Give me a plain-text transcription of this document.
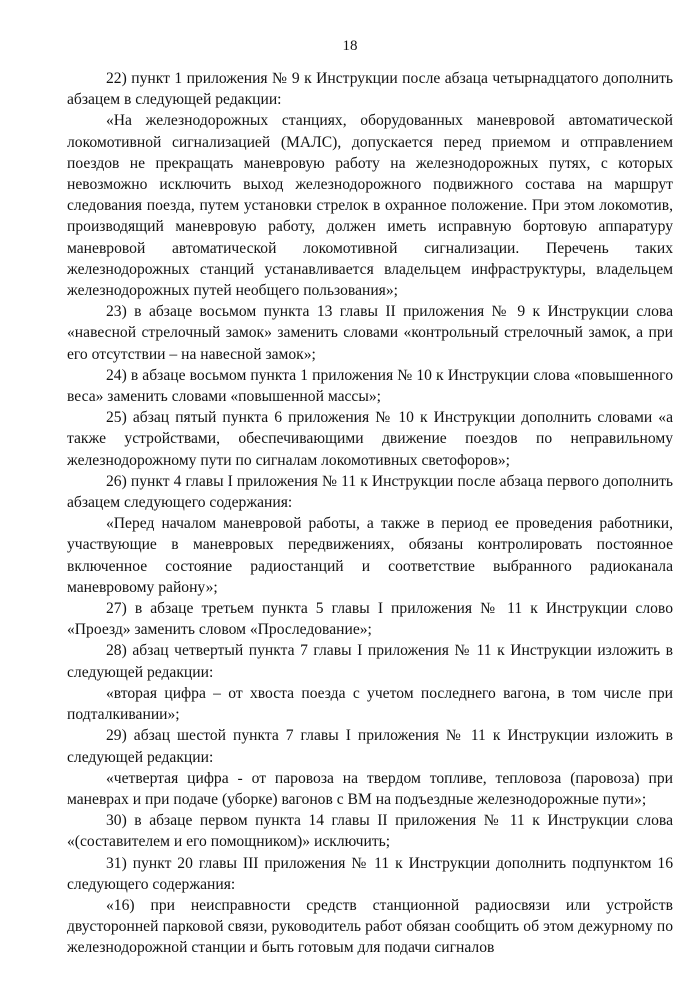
18

22) пункт 1 приложения № 9 к Инструкции после абзаца четырнадцатого дополнить абзацем в следующей редакции:

«На железнодорожных станциях, оборудованных маневровой автоматической локомотивной сигнализацией (МАЛС), допускается перед приемом и отправлением поездов не прекращать маневровую работу на железнодорожных путях, с которых невозможно исключить выход железнодорожного подвижного состава на маршрут следования поезда, путем установки стрелок в охранное положение. При этом локомотив, производящий маневровую работу, должен иметь исправную бортовую аппаратуру маневровой автоматической локомотивной сигнализации. Перечень таких железнодорожных станций устанавливается владельцем инфраструктуры, владельцем железнодорожных путей необщего пользования»;

23) в абзаце восьмом пункта 13 главы II приложения № 9 к Инструкции слова «навесной стрелочный замок» заменить словами «контрольный стрелочный замок, а при его отсутствии – на навесной замок»;

24) в абзаце восьмом пункта 1 приложения № 10 к Инструкции слова «повышенного веса» заменить словами «повышенной массы»;

25) абзац пятый пункта 6 приложения № 10 к Инструкции дополнить словами «а также устройствами, обеспечивающими движение поездов по неправильному железнодорожному пути по сигналам локомотивных светофоров»;

26) пункт 4 главы I приложения № 11 к Инструкции после абзаца первого дополнить абзацем следующего содержания:

«Перед началом маневровой работы, а также в период ее проведения работники, участвующие в маневровых передвижениях, обязаны контролировать постоянное включенное состояние радиостанций и соответствие выбранного радиоканала маневровому району»;

27) в абзаце третьем пункта 5 главы I приложения № 11 к Инструкции слово «Проезд» заменить словом «Проследование»;

28) абзац четвертый пункта 7 главы I приложения № 11 к Инструкции изложить в следующей редакции:

«вторая цифра – от хвоста поезда с учетом последнего вагона, в том числе при подталкивании»;

29) абзац шестой пункта 7 главы I приложения № 11 к Инструкции изложить в следующей редакции:

«четвертая цифра - от паровоза на твердом топливе, тепловоза (паровоза) при маневрах и при подаче (уборке) вагонов с ВМ на подъездные железнодорожные пути»;

30) в абзаце первом пункта 14 главы II приложения № 11 к Инструкции слова «(составителем и его помощником)» исключить;

31) пункт 20 главы III приложения № 11 к Инструкции дополнить подпунктом 16 следующего содержания:

«16) при неисправности средств станционной радиосвязи или устройств двусторонней парковой связи, руководитель работ обязан сообщить об этом дежурному по железнодорожной станции и быть готовым для подачи сигналов
